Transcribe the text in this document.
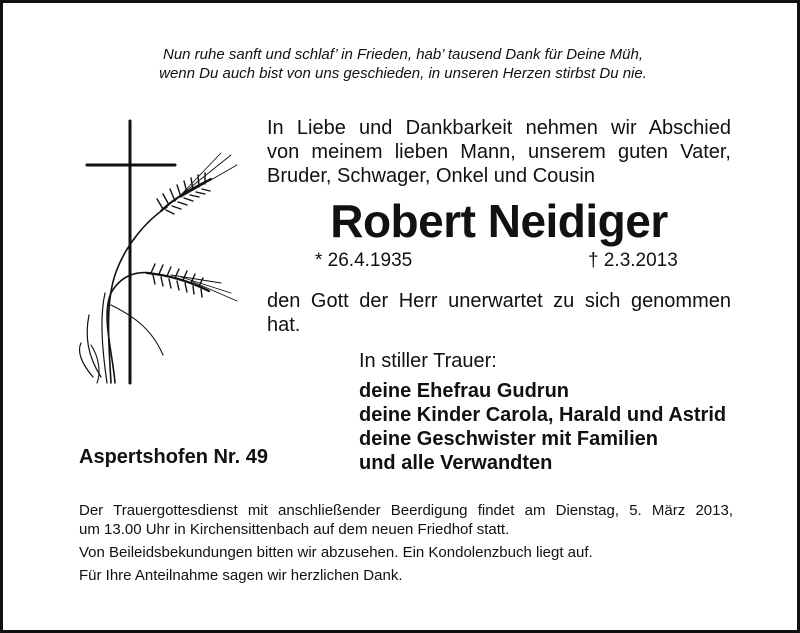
Nun ruhe sanft und schlaf’ in Frieden, hab’ tausend Dank für Deine Müh,
wenn Du auch bist von uns geschieden, in unseren Herzen stirbst Du nie.
In Liebe und Dankbarkeit nehmen wir Abschied
von meinem lieben Mann, unserem guten Vater,
Bruder, Schwager, Onkel und Cousin
Robert Neidiger
* 26.4.1935	† 2.3.2013
den Gott der Herr unerwartet zu sich genommen
hat.
In stiller Trauer:
deine Ehefrau Gudrun
deine Kinder Carola, Harald und Astrid
deine Geschwister mit Familien
und alle Verwandten
Aspertshofen Nr. 49
Der Trauergottesdienst mit anschließender Beerdigung findet am Dienstag, 5. März 2013,
um 13.00 Uhr in Kirchensittenbach auf dem neuen Friedhof statt.
Von Beileidsbekundungen bitten wir abzusehen. Ein Kondolenzbuch liegt auf.
Für Ihre Anteilnahme sagen wir herzlichen Dank.
